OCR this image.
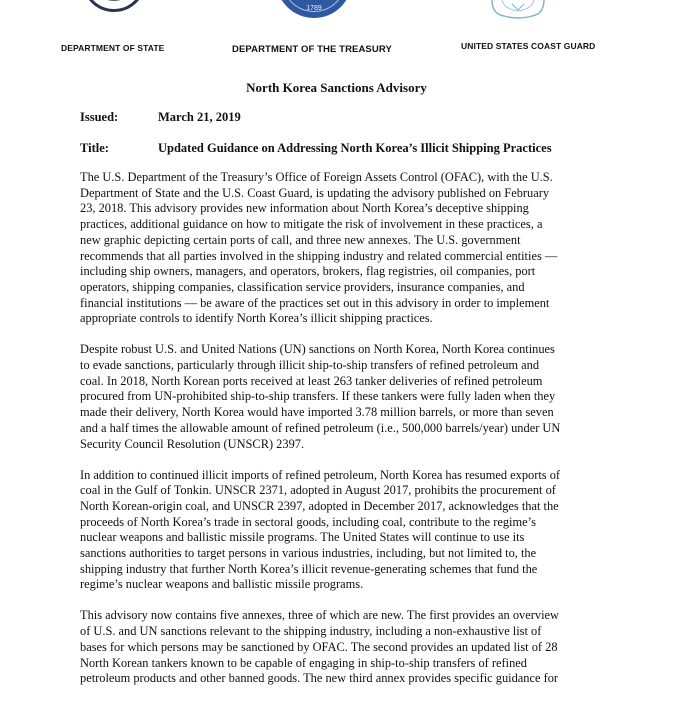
1789
DEPARTMENT OF STATE	DEPARTMENT OF THE TREASURY	UNITED STATES COAST GUARD
North Korea Sanctions Advisory
Issued:	March 21, 2019
Title:	Updated Guidance on Addressing North Korea’s Illicit Shipping Practices

The U.S. Department of the Treasury’s Office of Foreign Assets Control (OFAC), with the U.S.
Department of State and the U.S. Coast Guard, is updating the advisory published on February
23, 2018. This advisory provides new information about North Korea’s deceptive shipping
practices, additional guidance on how to mitigate the risk of involvement in these practices, a
new graphic depicting certain ports of call, and three new annexes. The U.S. government
recommends that all parties involved in the shipping industry and related commercial entities —
including ship owners, managers, and operators, brokers, flag registries, oil companies, port
operators, shipping companies, classification service providers, insurance companies, and
financial institutions — be aware of the practices set out in this advisory in order to implement
appropriate controls to identify North Korea’s illicit shipping practices.

Despite robust U.S. and United Nations (UN) sanctions on North Korea, North Korea continues
to evade sanctions, particularly through illicit ship-to-ship transfers of refined petroleum and
coal. In 2018, North Korean ports received at least 263 tanker deliveries of refined petroleum
procured from UN-prohibited ship-to-ship transfers. If these tankers were fully laden when they
made their delivery, North Korea would have imported 3.78 million barrels, or more than seven
and a half times the allowable amount of refined petroleum (i.e., 500,000 barrels/year) under UN
Security Council Resolution (UNSCR) 2397.

In addition to continued illicit imports of refined petroleum, North Korea has resumed exports of
coal in the Gulf of Tonkin. UNSCR 2371, adopted in August 2017, prohibits the procurement of
North Korean-origin coal, and UNSCR 2397, adopted in December 2017, acknowledges that the
proceeds of North Korea’s trade in sectoral goods, including coal, contribute to the regime’s
nuclear weapons and ballistic missile programs. The United States will continue to use its
sanctions authorities to target persons in various industries, including, but not limited to, the
shipping industry that further North Korea’s illicit revenue-generating schemes that fund the
regime’s nuclear weapons and ballistic missile programs.

This advisory now contains five annexes, three of which are new. The first provides an overview
of U.S. and UN sanctions relevant to the shipping industry, including a non-exhaustive list of
bases for which persons may be sanctioned by OFAC. The second provides an updated list of 28
North Korean tankers known to be capable of engaging in ship-to-ship transfers of refined
petroleum products and other banned goods. The new third annex provides specific guidance for
